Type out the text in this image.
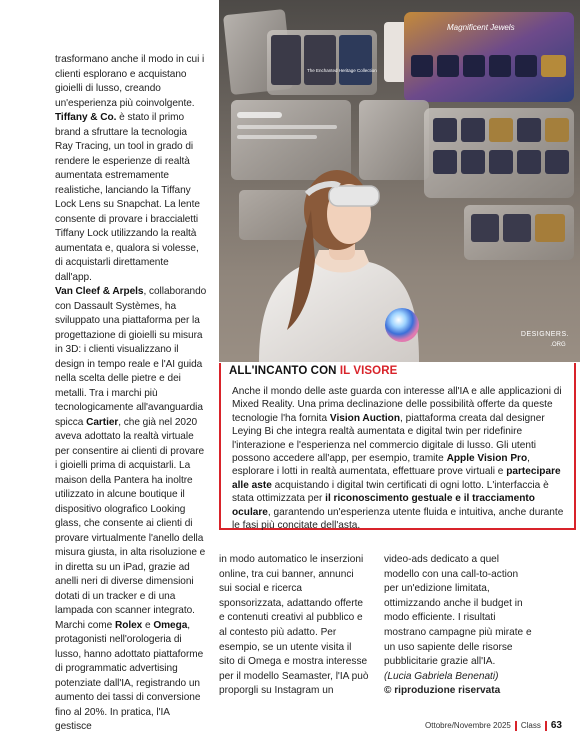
trasformano anche il modo in cui i clienti esplorano e acquistano gioielli di lusso, creando un'esperienza più coinvolgente.

Tiffany & Co. è stato il primo brand a sfruttare la tecnologia Ray Tracing, un tool in grado di rendere le esperienze di realtà aumentata estremamente realistiche, lanciando la Tiffany Lock Lens su Snapchat. La lente consente di provare i braccialetti Tiffany Lock utilizzando la realtà aumentata e, qualora si volesse, di acquistarli direttamente dall'app.

Van Cleef & Arpels, collaborando con Dassault Systèmes, ha sviluppato una piattaforma per la progettazione di gioielli su misura in 3D: i clienti visualizzano il design in tempo reale e l'AI guida nella scelta delle pietre e dei metalli. Tra i marchi più tecnologicamente all'avanguardia spicca Cartier, che già nel 2020 aveva adottato la realtà virtuale per consentire ai clienti di provare i gioielli prima di acquistarli. La maison della Pantera ha inoltre utilizzato in alcune boutique il dispositivo olografico Looking glass, che consente ai clienti di provare virtualmente l'anello della misura giusta, in alta risoluzione e in diretta su un iPad, grazie ad anelli neri di diverse dimensioni dotati di un tracker e di una lampada con scanner integrato.

Marchi come Rolex e Omega, protagonisti nell'orologeria di lusso, hanno adottato piattaforme di programmatic advertising potenziate dall'IA, registrando un aumento dei tassi di conversione fino al 20%. In pratica, l'IA gestisce

Magnificent Jewels
The Enchanted Heritage Collection
DESIGNERS.
.ORG
ALL'INCANTO CON IL VISORE
Anche il mondo delle aste guarda con interesse all'IA e alle applicazioni di Mixed Reality. Una prima declinazione delle possibilità offerte da queste tecnologie l'ha fornita Vision Auction, piattaforma creata dal designer Leying Bi che integra realtà aumentata e digital twin per ridefinire l'interazione e l'esperienza nel commercio digitale di lusso. Gli utenti possono accedere all'app, per esempio, tramite Apple Vision Pro, esplorare i lotti in realtà aumentata, effettuare prove virtuali e partecipare alle aste acquistando i digital twin certificati di ogni lotto. L'interfaccia è stata ottimizzata per il riconoscimento gestuale e il tracciamento oculare, garantendo un'esperienza utente fluida e intuitiva, anche durante le fasi più concitate dell'asta.

in modo automatico le inserzioni online, tra cui banner, annunci sui social e ricerca sponsorizzata, adattando offerte e contenuti creativi al pubblico e al contesto più adatto. Per esempio, se un utente visita il sito di Omega e mostra interesse per il modello Seamaster, l'IA può proporgli su Instagram un

video-ads dedicato a quel modello con una call-to-action per un'edizione limitata, ottimizzando anche il budget in modo efficiente. I risultati mostrano campagne più mirate e un uso sapiente delle risorse pubblicitarie grazie all'IA.

(Lucia Gabriela Benenati)

© riproduzione riservata

Ottobre/Novembre 2025 Class 63
